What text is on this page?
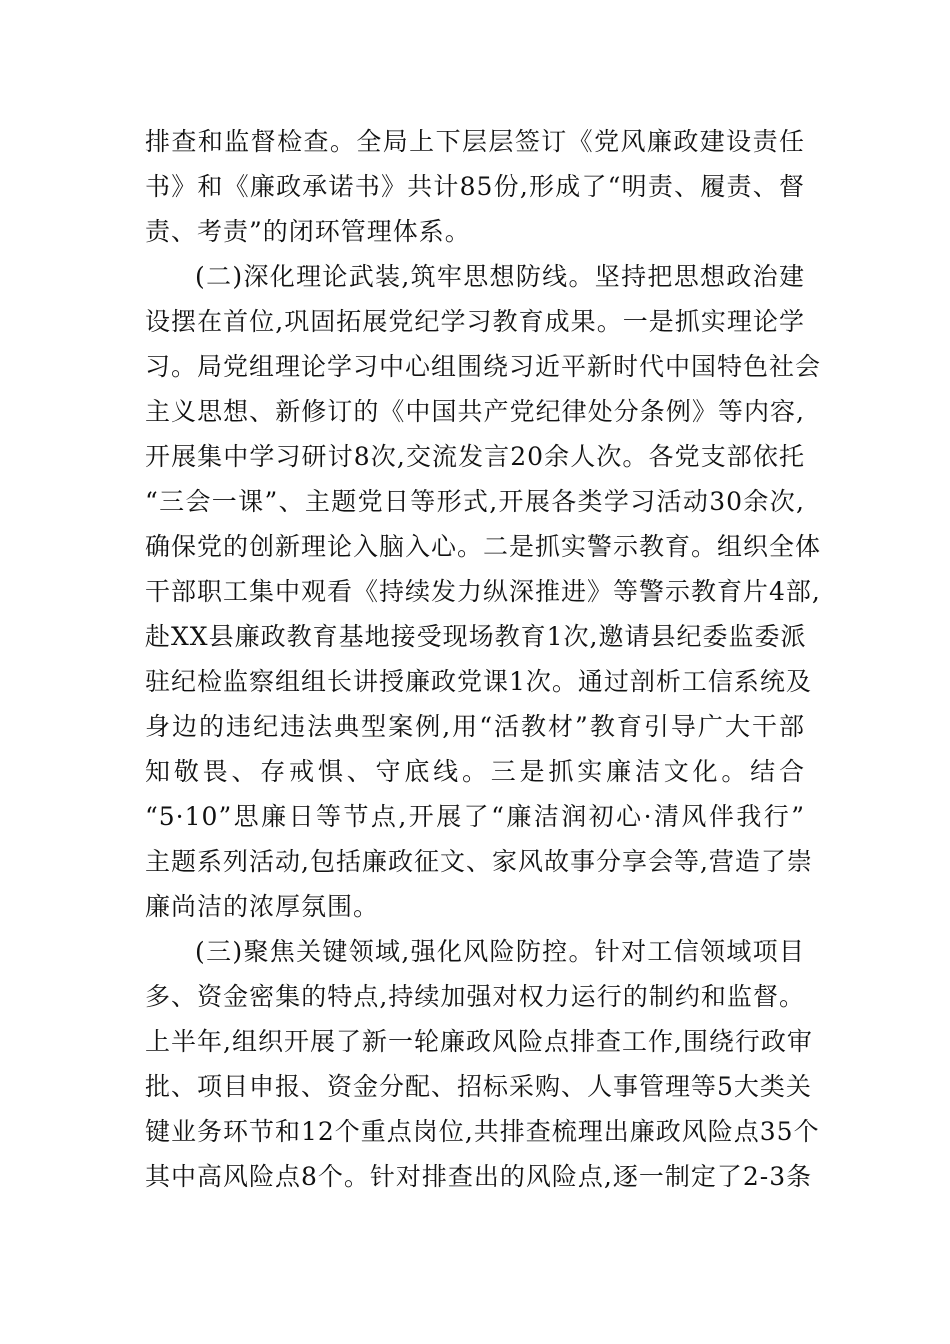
排查和监督检查。全局上下层层签订《党风廉政建设责任
书》和《廉政承诺书》共计85份,形成了“明责、履责、督
责、考责”的闭环管理体系。
(二)深化理论武装,筑牢思想防线。坚持把思想政治建
设摆在首位,巩固拓展党纪学习教育成果。一是抓实理论学
习。局党组理论学习中心组围绕习近平新时代中国特色社会
主义思想、新修订的《中国共产党纪律处分条例》等内容,
开展集中学习研讨8次,交流发言20余人次。各党支部依托
“三会一课”、主题党日等形式,开展各类学习活动30余次,
确保党的创新理论入脑入心。二是抓实警示教育。组织全体
干部职工集中观看《持续发力纵深推进》等警示教育片4部,
赴XX县廉政教育基地接受现场教育1次,邀请县纪委监委派
驻纪检监察组组长讲授廉政党课1次。通过剖析工信系统及
身边的违纪违法典型案例,用“活教材”教育引导广大干部
知敬畏、存戒惧、守底线。三是抓实廉洁文化。结合
“5·10”思廉日等节点,开展了“廉洁润初心·清风伴我行”
主题系列活动,包括廉政征文、家风故事分享会等,营造了崇
廉尚洁的浓厚氛围。
(三)聚焦关键领域,强化风险防控。针对工信领域项目
多、资金密集的特点,持续加强对权力运行的制约和监督。
上半年,组织开展了新一轮廉政风险点排查工作,围绕行政审
批、项目申报、资金分配、招标采购、人事管理等5大类关
键业务环节和12个重点岗位,共排查梳理出廉政风险点35个
其中高风险点8个。针对排查出的风险点,逐一制定了2-3条
